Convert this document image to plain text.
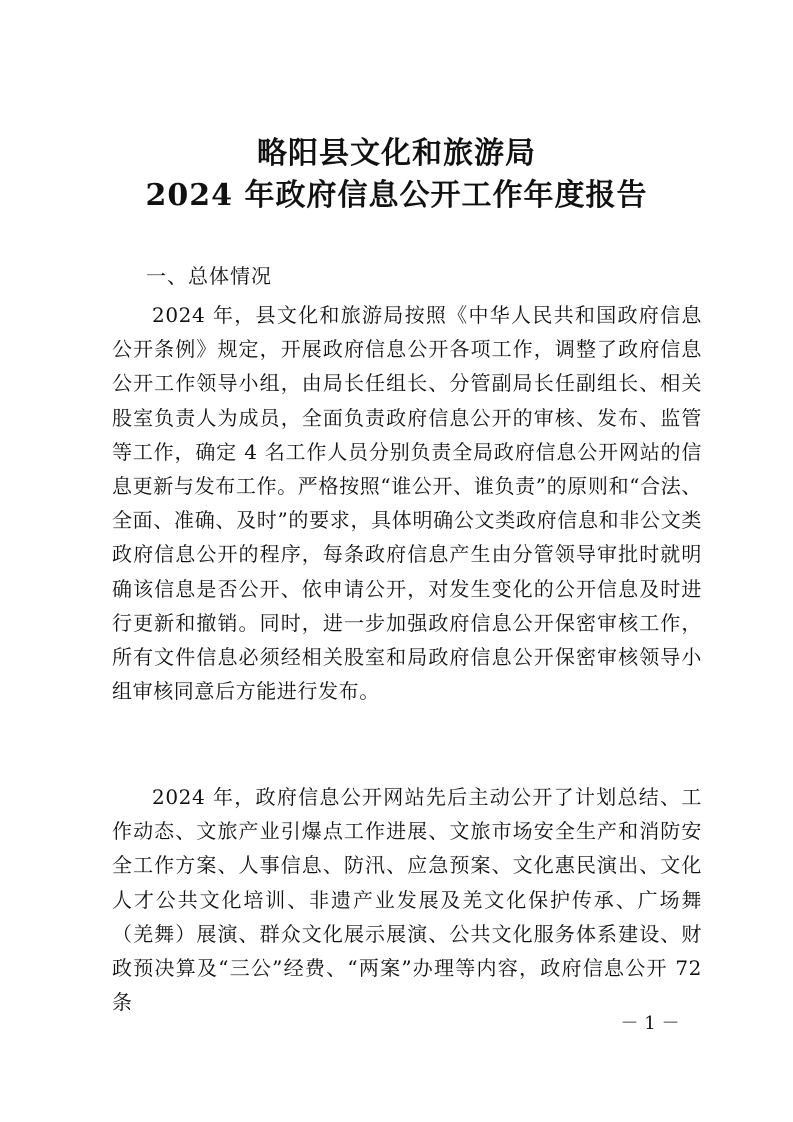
略阳县文化和旅游局
2024 年政府信息公开工作年度报告
一、总体情况

2024 年，县文化和旅游局按照《中华人民共和国政府信息公开条例》规定，开展政府信息公开各项工作，调整了政府信息公开工作领导小组，由局长任组长、分管副局长任副组长、相关股室负责人为成员，全面负责政府信息公开的审核、发布、监管等工作，确定 4 名工作人员分别负责全局政府信息公开网站的信息更新与发布工作。严格按照“谁公开、谁负责”的原则和“合法、全面、准确、及时”的要求，具体明确公文类政府信息和非公文类政府信息公开的程序，每条政府信息产生由分管领导审批时就明确该信息是否公开、依申请公开，对发生变化的公开信息及时进行更新和撤销。同时，进一步加强政府信息公开保密审核工作，所有文件信息必须经相关股室和局政府信息公开保密审核领导小组审核同意后方能进行发布。

2024 年，政府信息公开网站先后主动公开了计划总结、工作动态、文旅产业引爆点工作进展、文旅市场安全生产和消防安全工作方案、人事信息、防汛、应急预案、文化惠民演出、文化人才公共文化培训、非遗产业发展及羌文化保护传承、广场舞（羌舞）展演、群众文化展示展演、公共文化服务体系建设、财政预决算及“三公”经费、“两案”办理等内容，政府信息公开 72 条

－ 1 －
